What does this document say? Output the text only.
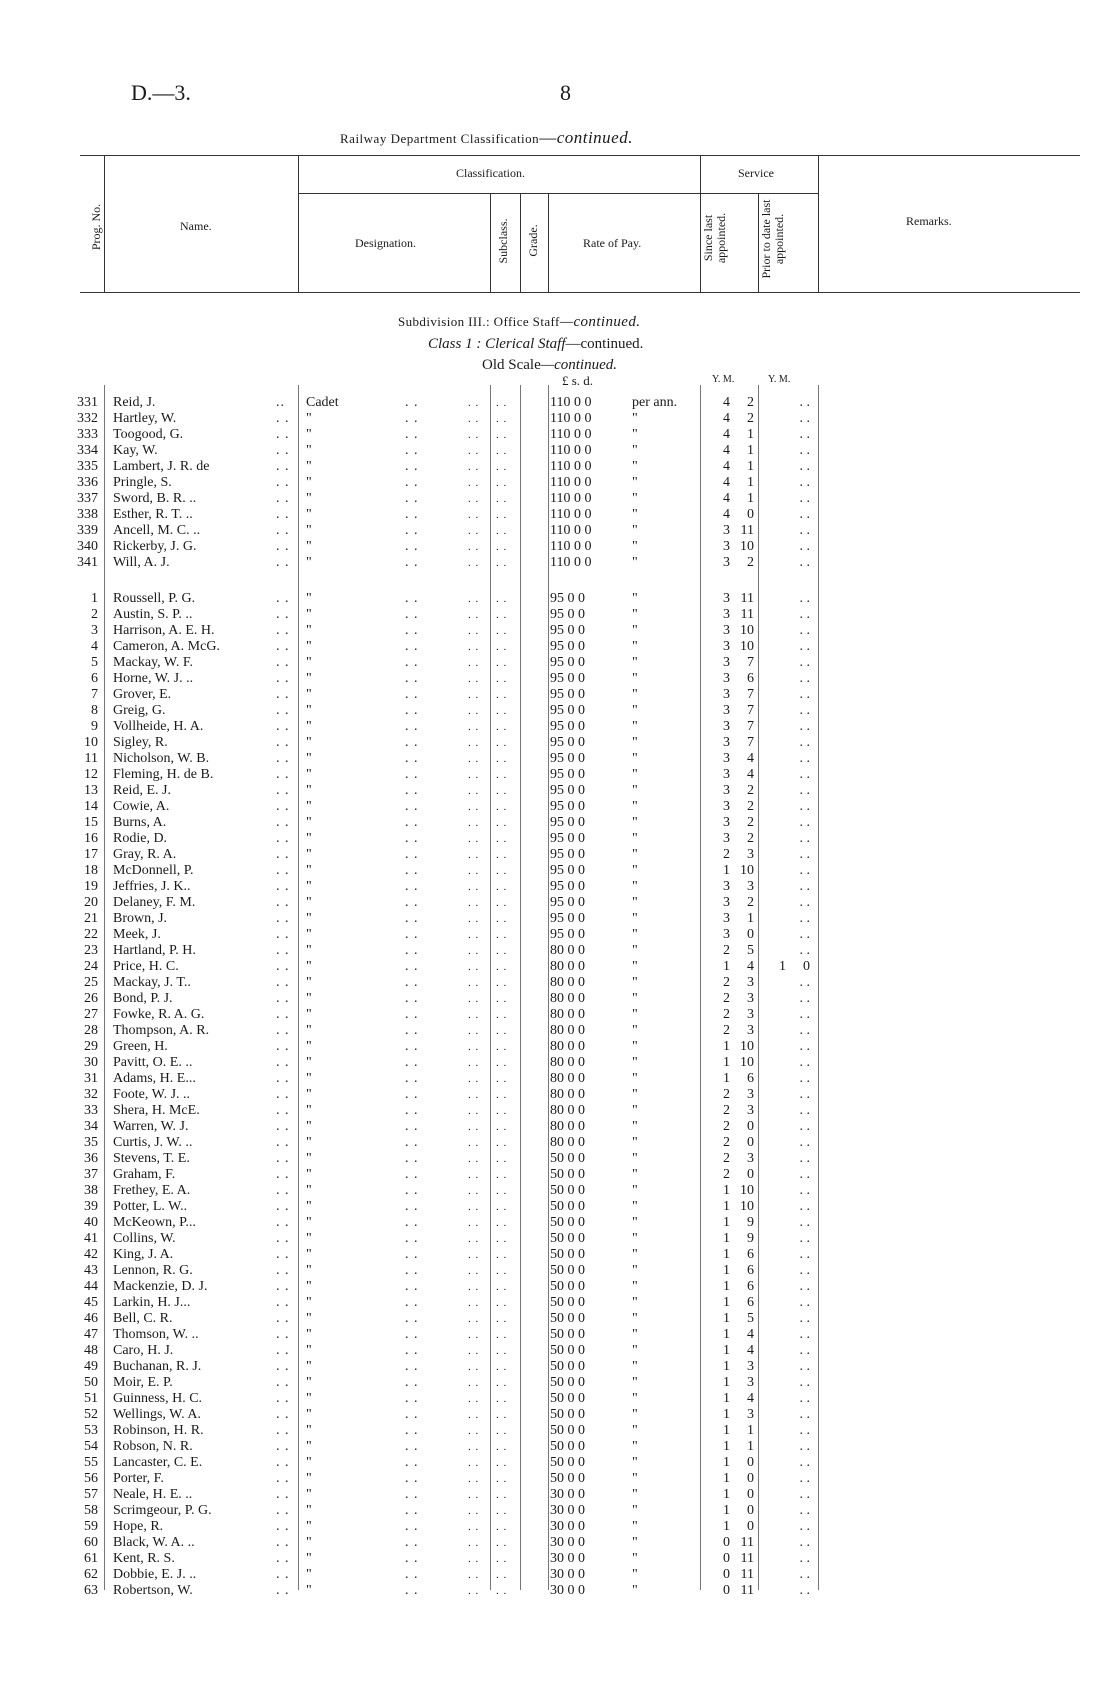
D.—3.	8
Railway Department Classification—continued.
Prog. No.	Name.
Classification.
Designation.	Subclass. Grade.	Rate of Pay.
Service
Since last appointed.	Prior to date last appointed.	Remarks.
Subdivision III.: Office Staff—continued.
Class 1 : Clerical Staff—continued.
Old Scale—continued.
£ s. d.	Y. M.	Y. M.
331 Reid, J.	.. Cadet	. .	. . . .	110 0 0	per ann.	4	2	. .
332 Hartley, W.	. . "	. .	. . . .	110 0 0	"	4	2	. .
333 Toogood, G.	. . "	. .	. . . .	110 0 0	"	4	1	. .
334 Kay, W.	. . "	. .	. . . .	110 0 0	"	4	1	. .
335 Lambert, J. R. de	. . "	. .	. . . .	110 0 0	"	4	1	. .
336 Pringle, S.	. . "	. .	. . . .	110 0 0	"	4	1	. .
337 Sword, B. R. ..	. . "	. .	. . . .	110 0 0	"	4	1	. .
338 Esther, R. T. ..	. . "	. .	. . . .	110 0 0	"	4	0	. .
339 Ancell, M. C. ..	. . "	. .	. . . .	110 0 0	"	3 11	. .
340 Rickerby, J. G.	. . "	. .	. . . .	110 0 0	"	3 10	. .
341 Will, A. J.	. . "	. .	. . . .	110 0 0	"	3	2	. .
1 Roussell, P. G.	. . "	. .	. . . .	95 0 0	"	3 11	. .
2 Austin, S. P. ..	. . "	. .	. . . .	95 0 0	"	3 11	. .
3 Harrison, A. E. H.	. . "	. .	. . . .	95 0 0	"	3 10	. .
4 Cameron, A. McG.	. . "	. .	. . . .	95 0 0	"	3 10	. .
5 Mackay, W. F.	. . "	. .	. . . .	95 0 0	"	3	7	. .
6 Horne, W. J. ..	. . "	. .	. . . .	95 0 0	"	3	6	. .
7 Grover, E.	. . "	. .	. . . .	95 0 0	"	3	7	. .
8 Greig, G.	. . "	. .	. . . .	95 0 0	"	3	7	. .
9 Vollheide, H. A.	. . "	. .	. . . .	95 0 0	"	3	7	. .
10 Sigley, R.	. . "	. .	. . . .	95 0 0	"	3	7	. .
11 Nicholson, W. B.	. . "	. .	. . . .	95 0 0	"	3	4	. .
12 Fleming, H. de B.	. . "	. .	. . . .	95 0 0	"	3	4	. .
13 Reid, E. J.	. . "	. .	. . . .	95 0 0	"	3	2	. .
14 Cowie, A.	. . "	. .	. . . .	95 0 0	"	3	2	. .
15 Burns, A.	. . "	. .	. . . .	95 0 0	"	3	2	. .
16 Rodie, D.	. . "	. .	. . . .	95 0 0	"	3	2	. .
17 Gray, R. A.	. . "	. .	. . . .	95 0 0	"	2	3	. .
18 McDonnell, P.	. . "	. .	. . . .	95 0 0	"	1 10	. .
19 Jeffries, J. K..	. . "	. .	. . . .	95 0 0	"	3	3	. .
20 Delaney, F. M.	. . "	. .	. . . .	95 0 0	"	3	2	. .
21 Brown, J.	. . "	. .	. . . .	95 0 0	"	3	1	. .
22 Meek, J.	. . "	. .	. . . .	95 0 0	"	3	0	. .
23 Hartland, P. H.	. . "	. .	. . . .	80 0 0	"	2	5	. .
24 Price, H. C.	. . "	. .	. . . .	80 0 0	"	1	4	1	0
25 Mackay, J. T..	. . "	. .	. . . .	80 0 0	"	2	3	. .
26 Bond, P. J.	. . "	. .	. . . .	80 0 0	"	2	3	. .
27 Fowke, R. A. G.	. . "	. .	. . . .	80 0 0	"	2	3	. .
28 Thompson, A. R.	. . "	. .	. . . .	80 0 0	"	2	3	. .
29 Green, H.	. . "	. .	. . . .	80 0 0	"	1 10	. .
30 Pavitt, O. E. ..	. . "	. .	. . . .	80 0 0	"	1 10	. .
31 Adams, H. E...	. . "	. .	. . . .	80 0 0	"	1	6	. .
32 Foote, W. J. ..	. . "	. .	. . . .	80 0 0	"	2	3	. .
33 Shera, H. McE.	. . "	. .	. . . .	80 0 0	"	2	3	. .
34 Warren, W. J.	. . "	. .	. . . .	80 0 0	"	2	0	. .
35 Curtis, J. W. ..	. . "	. .	. . . .	80 0 0	"	2	0	. .
36 Stevens, T. E.	. . "	. .	. . . .	50 0 0	"	2	3	. .
37 Graham, F.	. . "	. .	. . . .	50 0 0	"	2	0	. .
38 Frethey, E. A.	. . "	. .	. . . .	50 0 0	"	1 10	. .
39 Potter, L. W..	. . "	. .	. . . .	50 0 0	"	1 10	. .
40 McKeown, P...	. . "	. .	. . . .	50 0 0	"	1	9	. .
41 Collins, W.	. . "	. .	. . . .	50 0 0	"	1	9	. .
42 King, J. A.	. . "	. .	. . . .	50 0 0	"	1	6	. .
43 Lennon, R. G.	. . "	. .	. . . .	50 0 0	"	1	6	. .
44 Mackenzie, D. J.	. . "	. .	. . . .	50 0 0	"	1	6	. .
45 Larkin, H. J...	. . "	. .	. . . .	50 0 0	"	1	6	. .
46 Bell, C. R.	. . "	. .	. . . .	50 0 0	"	1	5	. .
47 Thomson, W. ..	. . "	. .	. . . .	50 0 0	"	1	4	. .
48 Caro, H. J.	. . "	. .	. . . .	50 0 0	"	1	4	. .
49 Buchanan, R. J.	. . "	. .	. . . .	50 0 0	"	1	3	. .
50 Moir, E. P.	. . "	. .	. . . .	50 0 0	"	1	3	. .
51 Guinness, H. C.	. . "	. .	. . . .	50 0 0	"	1	4	. .
52 Wellings, W. A.	. . "	. .	. . . .	50 0 0	"	1	3	. .
53 Robinson, H. R.	. . "	. .	. . . .	50 0 0	"	1	1	. .
54 Robson, N. R.	. . "	. .	. . . .	50 0 0	"	1	1	. .
55 Lancaster, C. E.	. . "	. .	. . . .	50 0 0	"	1	0	. .
56 Porter, F.	. . "	. .	. . . .	50 0 0	"	1	0	. .
57 Neale, H. E. ..	. . "	. .	. . . .	30 0 0	"	1	0	. .
58 Scrimgeour, P. G.	. . "	. .	. . . .	30 0 0	"	1	0	. .
59 Hope, R.	. . "	. .	. . . .	30 0 0	"	1	0	. .
60 Black, W. A. ..	. . "	. .	. . . .	30 0 0	"	0 11	. .
61 Kent, R. S.	. . "	. .	. . . .	30 0 0	"	0 11	. .
62 Dobbie, E. J. ..	. . "	. .	. . . .	30 0 0	"	0 11	. .
63 Robertson, W.	. . "	. .	. . . .	30 0 0	"	0 11	. .
